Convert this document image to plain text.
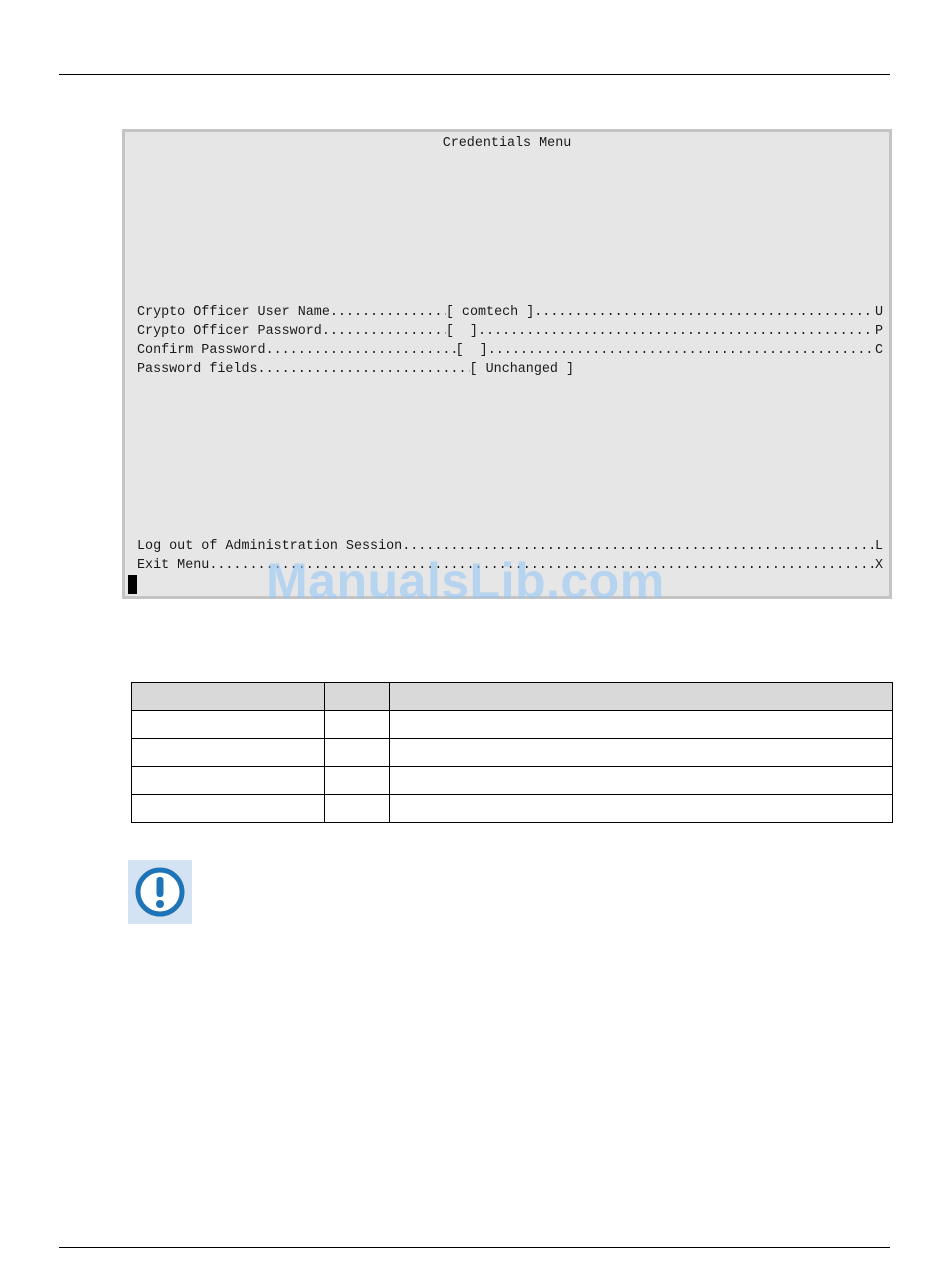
Credentials Menu
Crypto Officer User Name .....	[ comtech ] .....	U
Crypto Officer Password .....	[  ] .....	P
Confirm Password .....	[  ] .....	C
Password fields .....	[ Unchanged ]
Log out of Administration Session .....	L
Exit Menu .....	X
ManualsLib.com
